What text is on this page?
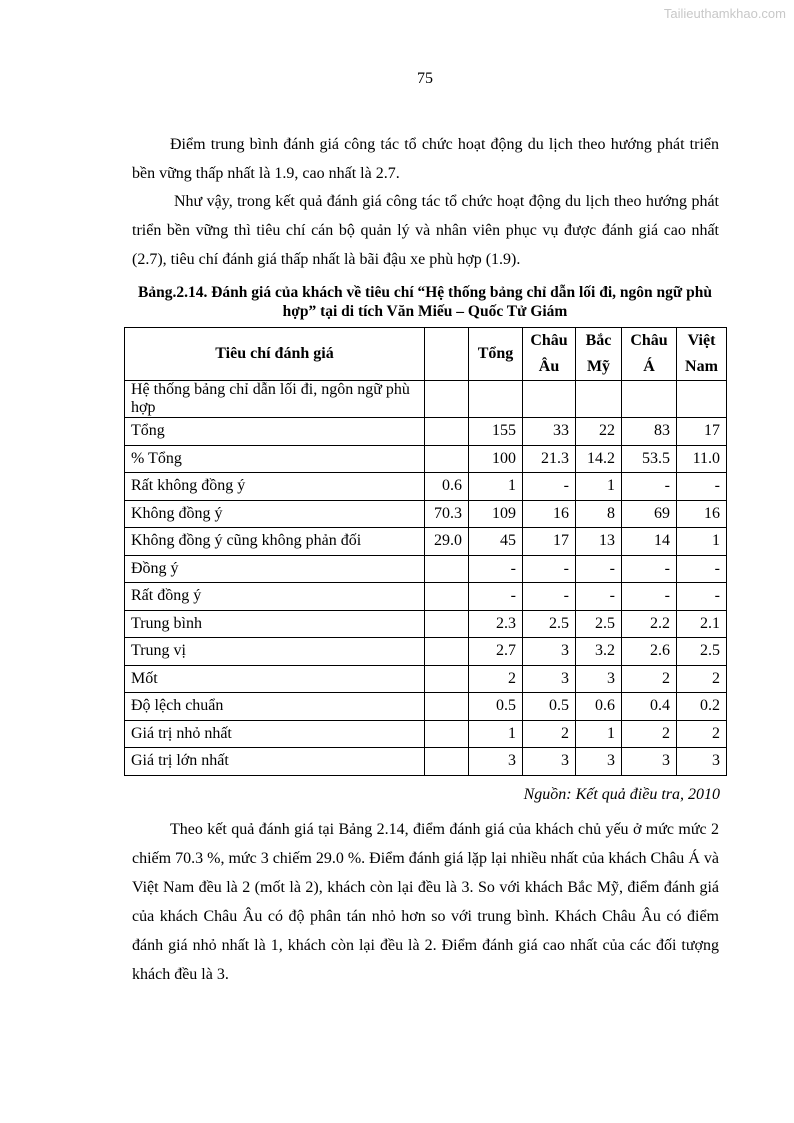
Tailieuthamkhao.com
75

Điểm trung bình đánh giá công tác tổ chức hoạt động du lịch theo hướng phát triển bền vững thấp nhất là 1.9, cao nhất là 2.7.

Như vậy, trong kết quả đánh giá công tác tổ chức hoạt động du lịch theo hướng phát triển bền vững thì tiêu chí cán bộ quản lý và nhân viên phục vụ được đánh giá cao nhất (2.7), tiêu chí đánh giá thấp nhất là bãi đậu xe phù hợp (1.9).

Bảng.2.14. Đánh giá của khách về tiêu chí “Hệ thống bảng chỉ dẫn lối đi, ngôn ngữ phù hợp” tại di tích Văn Miếu – Quốc Tử Giám

Tiêu chí đánh giá		Tổng	Châu Âu	Bắc Mỹ	Châu Á	Việt Nam
Hệ thống bảng chỉ dẫn lối đi, ngôn ngữ phù hợp						
Tổng		155	33	22	83	17
% Tổng		100	21.3	14.2	53.5	11.0
Rất không đồng ý	0.6	1	-	1	-	-
Không đồng ý	70.3	109	16	8	69	16
Không đồng ý cũng không phản đối	29.0	45	17	13	14	1
Đồng ý		-	-	-	-	-
Rất đồng ý		-	-	-	-	-
Trung bình		2.3	2.5	2.5	2.2	2.1
Trung vị		2.7	3	3.2	2.6	2.5
Mốt		2	3	3	2	2
Độ lệch chuẩn		0.5	0.5	0.6	0.4	0.2
Giá trị nhỏ nhất		1	2	1	2	2
Giá trị lớn nhất		3	3	3	3	3

Nguồn: Kết quả điều tra, 2010

Theo kết quả đánh giá tại Bảng 2.14, điểm đánh giá của khách chủ yếu ở mức mức 2 chiếm 70.3 %, mức 3 chiếm 29.0 %. Điểm đánh giá lặp lại nhiều nhất của khách Châu Á và Việt Nam đều là 2 (mốt là 2), khách còn lại đều là 3. So với khách Bắc Mỹ, điểm đánh giá của khách Châu Âu có độ phân tán nhỏ hơn so với trung bình. Khách Châu Âu có điểm đánh giá nhỏ nhất là 1, khách còn lại đều là 2. Điểm đánh giá cao nhất của các đối tượng khách đều là 3.
